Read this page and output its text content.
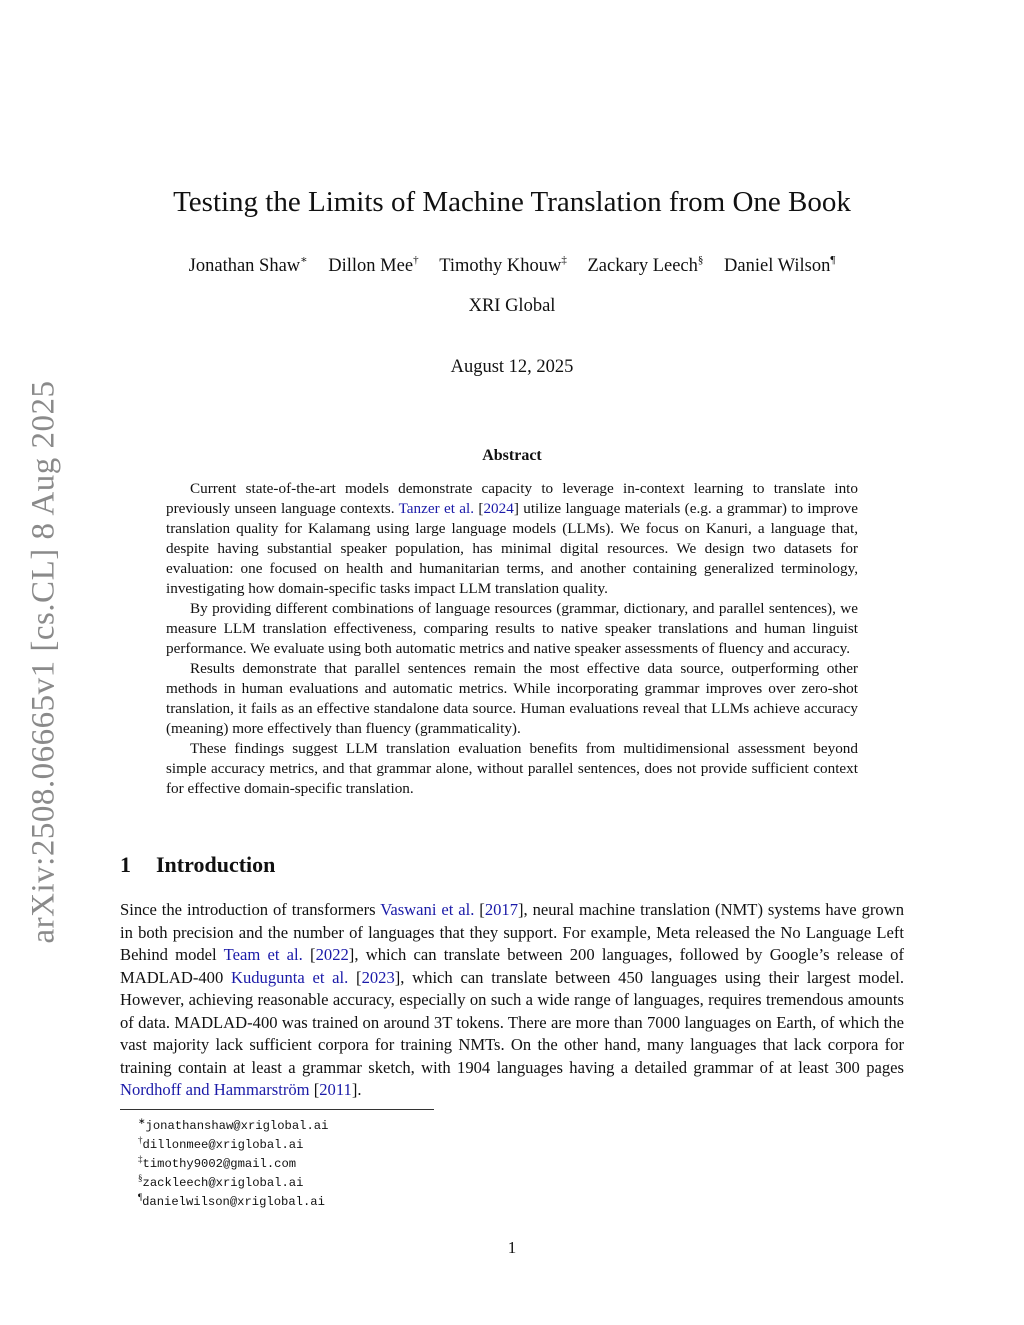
arXiv:2508.06665v1 [cs.CL] 8 Aug 2025
Testing the Limits of Machine Translation from One Book
Jonathan Shaw∗ Dillon Mee† Timothy Khouw‡ Zackary Leech§ Daniel Wilson¶
XRI Global
August 12, 2025
Abstract

Current state-of-the-art models demonstrate capacity to leverage in-context learning to translate into previously unseen language contexts. Tanzer et al. [2024] utilize language materials (e.g. a grammar) to improve translation quality for Kalamang using large language models (LLMs). We focus on Kanuri, a language that, despite having substantial speaker population, has minimal digital resources. We design two datasets for evaluation: one focused on health and humanitarian terms, and another containing generalized terminology, investigating how domain-specific tasks impact LLM translation quality.

By providing different combinations of language resources (grammar, dictionary, and parallel sentences), we measure LLM translation effectiveness, comparing results to native speaker translations and human linguist performance. We evaluate using both automatic metrics and native speaker assessments of fluency and accuracy.

Results demonstrate that parallel sentences remain the most effective data source, outperforming other methods in human evaluations and automatic metrics. While incorporating grammar improves over zero-shot translation, it fails as an effective standalone data source. Human evaluations reveal that LLMs achieve accuracy (meaning) more effectively than fluency (grammaticality).

These findings suggest LLM translation evaluation benefits from multidimensional assessment beyond simple accuracy metrics, and that grammar alone, without parallel sentences, does not provide sufficient context for effective domain-specific translation.

1 Introduction

Since the introduction of transformers Vaswani et al. [2017], neural machine translation (NMT) systems have grown in both precision and the number of languages that they support. For example, Meta released the No Language Left Behind model Team et al. [2022], which can translate between 200 languages, followed by Google’s release of MADLAD-400 Kudugunta et al. [2023], which can translate between 450 languages using their largest model. However, achieving reasonable accuracy, especially on such a wide range of languages, requires tremendous amounts of data. MADLAD-400 was trained on around 3T tokens. There are more than 7000 languages on Earth, of which the vast majority lack sufficient corpora for training NMTs. On the other hand, many languages that lack corpora for training contain at least a grammar sketch, with 1904 languages having a detailed grammar of at least 300 pages Nordhoff and Hammarström [2011].

∗jonathanshaw@xriglobal.ai
†dillonmee@xriglobal.ai
‡timothy9002@gmail.com
§zackleech@xriglobal.ai
¶danielwilson@xriglobal.ai
1
